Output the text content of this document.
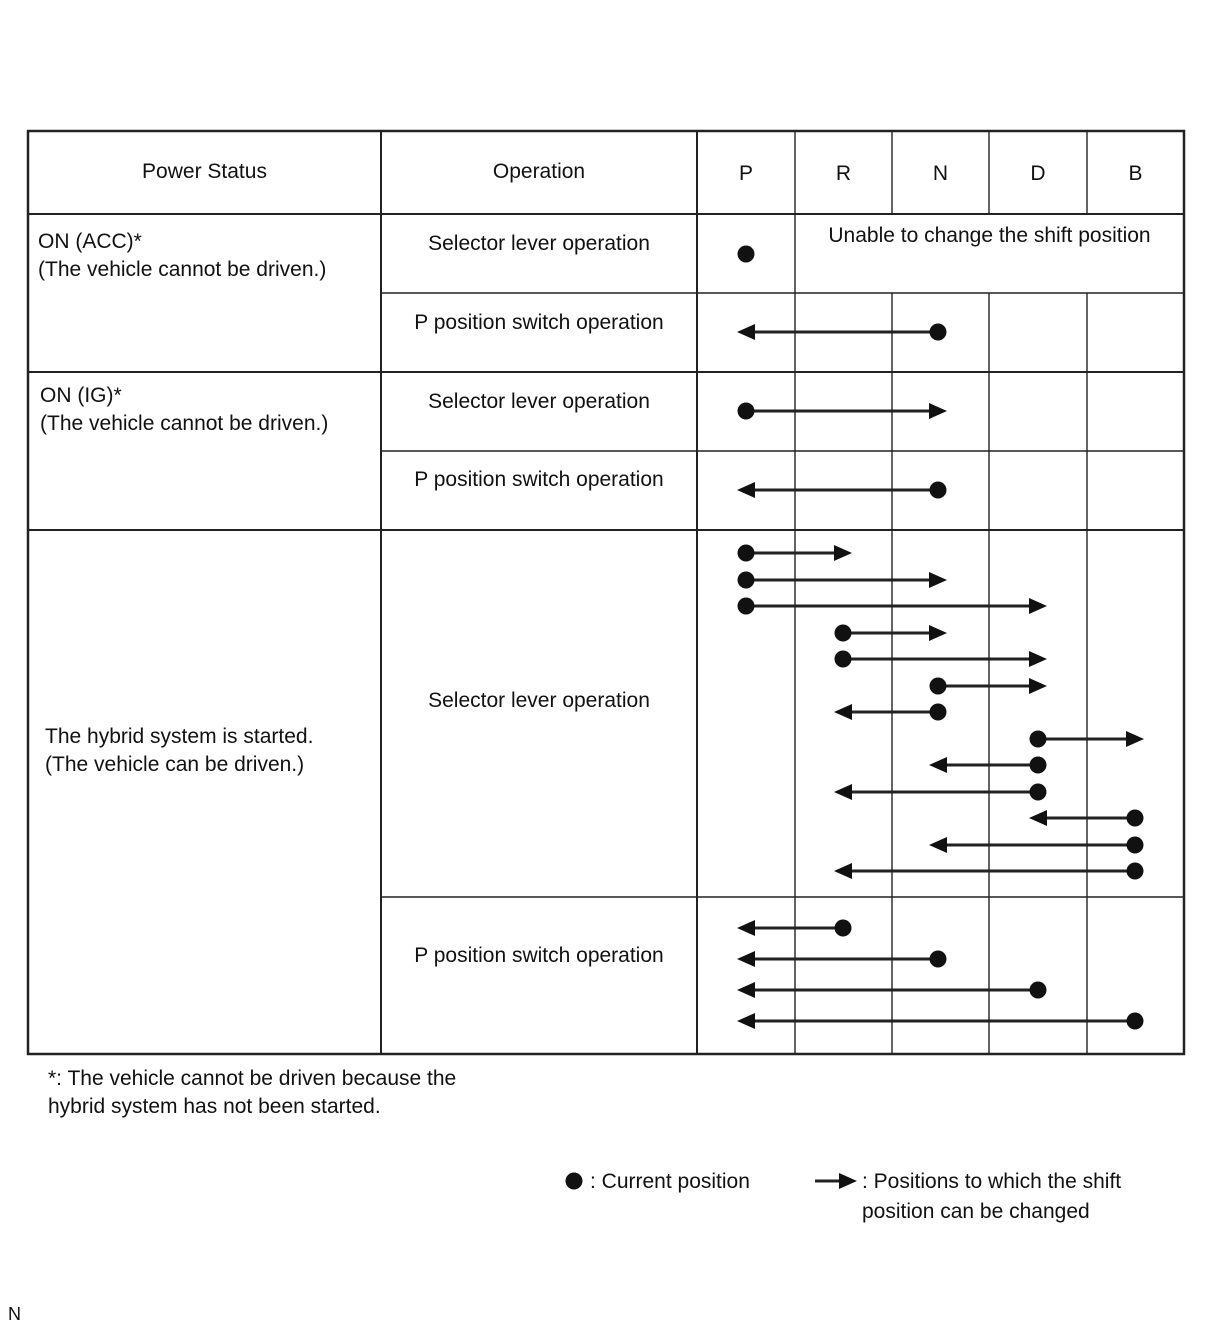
Power Status	Operation	P	R	N	D	B
ON (ACC)*
(The vehicle cannot be driven.)
Selector lever operation	Unable to change the shift position
P position switch operation
ON (IG)*
(The vehicle cannot be driven.)
Selector lever operation
P position switch operation
The hybrid system is started.
(The vehicle can be driven.)
Selector lever operation
P position switch operation
*: The vehicle cannot be driven because the
hybrid system has not been started.
: Current position	: Positions to which the shift
position can be changed
N
